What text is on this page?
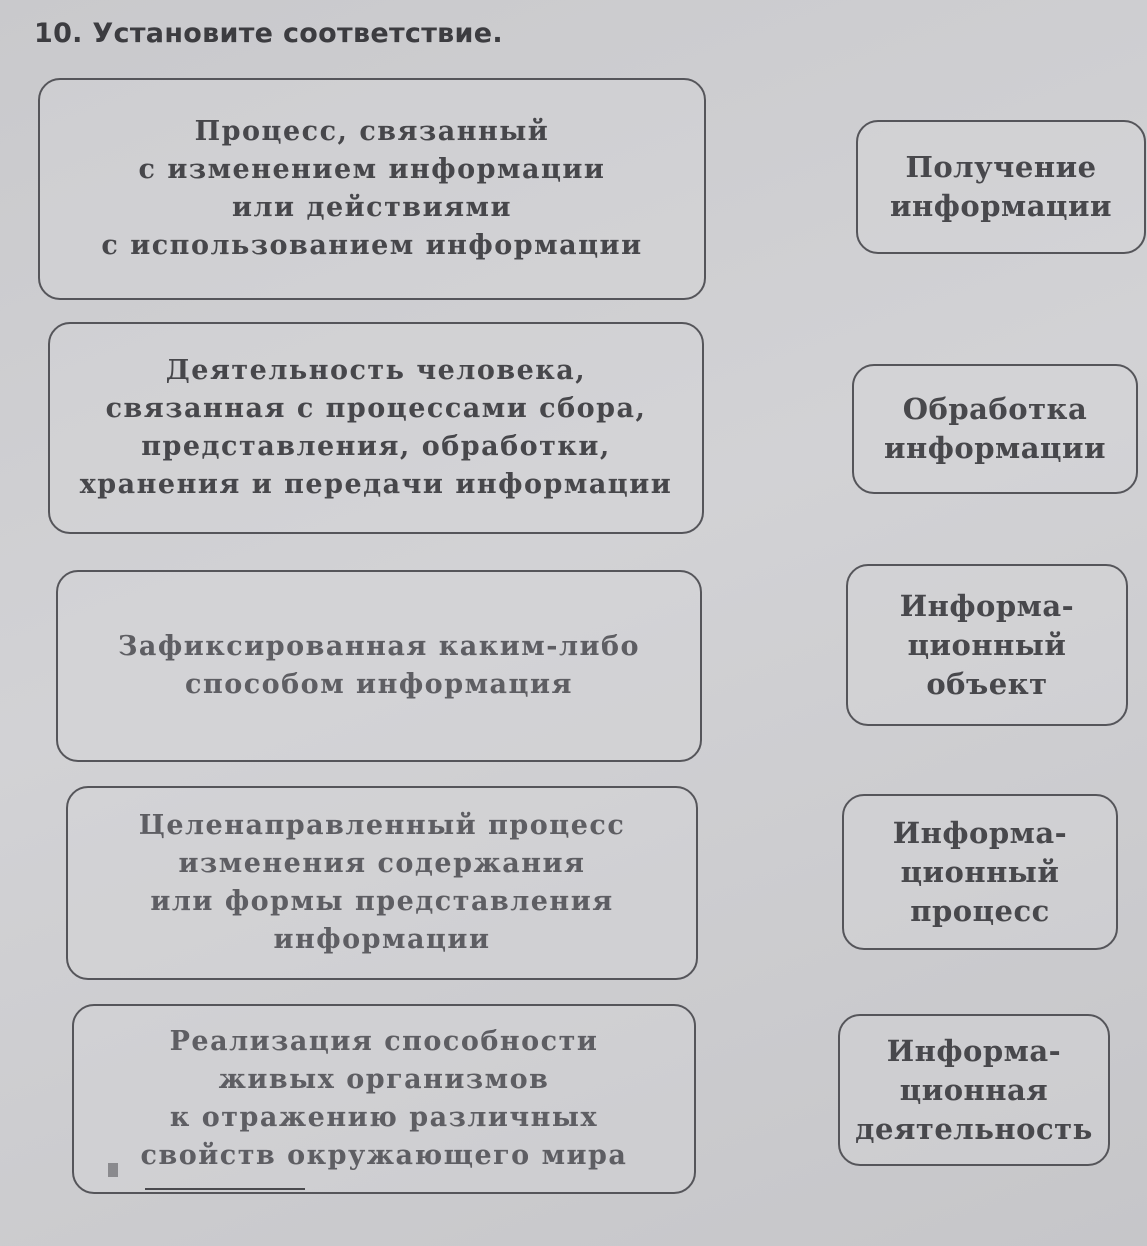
10. Установите соответствие.
Процесс, связанный
с изменением информации
или действиями
с использованием информации
Деятельность человека,
связанная с процессами сбора,
представления, обработки,
хранения и передачи информации
Зафиксированная каким-либо
способом информация
Целенаправленный процесс
изменения содержания
или формы представления
информации
Реализация способности
живых организмов
к отражению различных
свойств окружающего мира
Получение
информации
Обработка
информации
Информа-
ционный
объект
Информа-
ционный
процесс
Информа-
ционная
деятельность
